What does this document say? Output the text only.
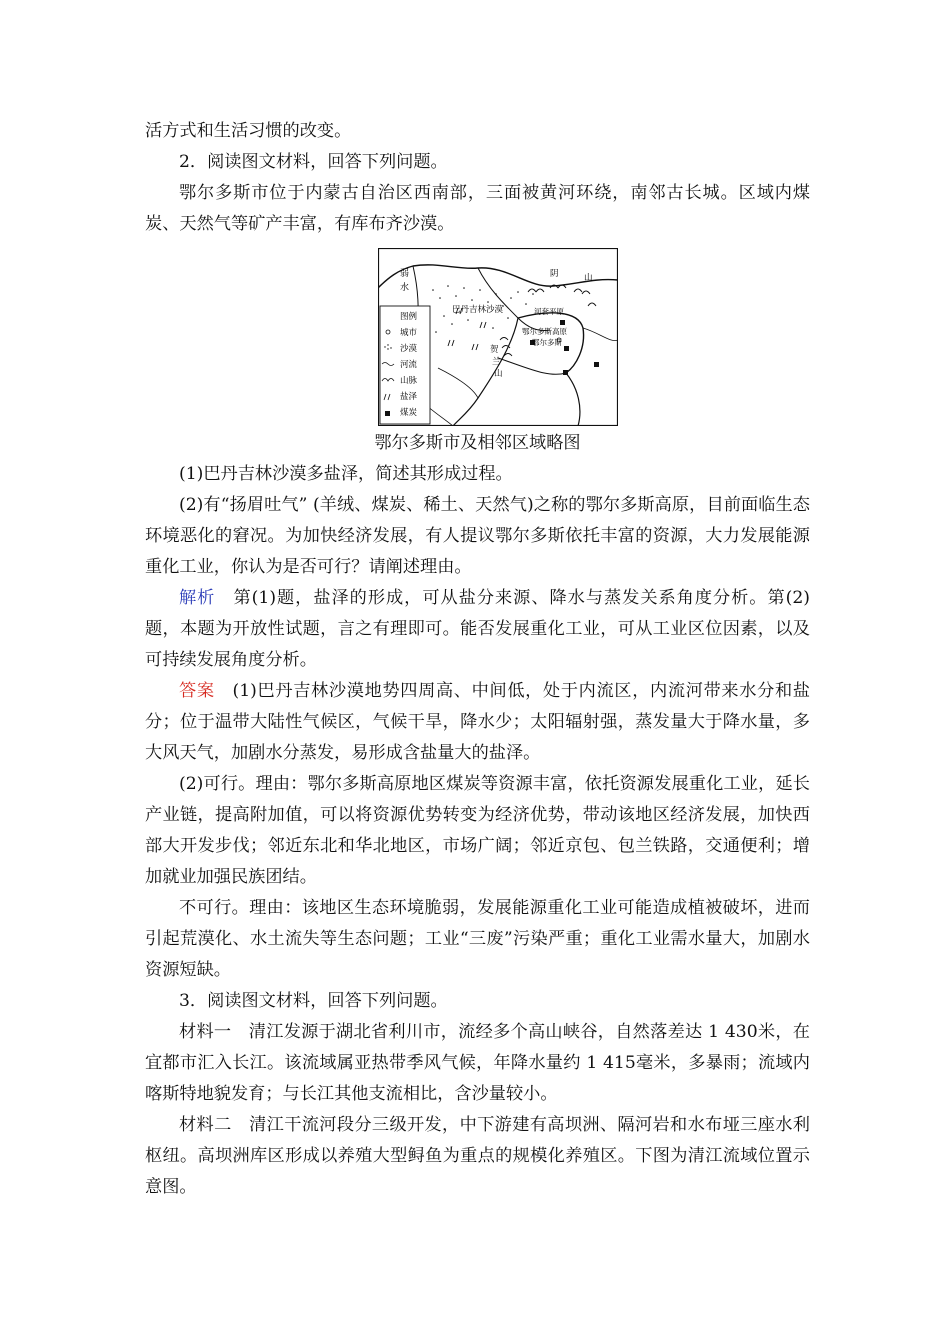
活方式和生活习惯的改变。

2．阅读图文材料，回答下列问题。

鄂尔多斯市位于内蒙古自治区西南部，三面被黄河环绕，南邻古长城。区域内煤炭、天然气等矿产丰富，有库布齐沙漠。

图例
城市
沙漠
河流
山脉
盐泽
煤炭
弱
水
巴丹吉林沙漠
阴	山
河套平原
鄂尔多斯高原
鄂尔多斯
贺
兰
山
鄂尔多斯市及相邻区域略图

(1)巴丹吉林沙漠多盐泽，简述其形成过程。

(2)有“扬眉吐气” (羊绒、煤炭、稀土、天然气)之称的鄂尔多斯高原，目前面临生态环境恶化的窘况。为加快经济发展，有人提议鄂尔多斯依托丰富的资源，大力发展能源重化工业，你认为是否可行？请阐述理由。

解析　第(1)题，盐泽的形成，可从盐分来源、降水与蒸发关系角度分析。第(2)题，本题为开放性试题，言之有理即可。能否发展重化工业，可从工业区位因素，以及可持续发展角度分析。

答案　(1)巴丹吉林沙漠地势四周高、中间低，处于内流区，内流河带来水分和盐分；位于温带大陆性气候区，气候干旱，降水少；太阳辐射强，蒸发量大于降水量，多大风天气，加剧水分蒸发，易形成含盐量大的盐泽。

(2)可行。理由：鄂尔多斯高原地区煤炭等资源丰富，依托资源发展重化工业，延长产业链，提高附加值，可以将资源优势转变为经济优势，带动该地区经济发展，加快西部大开发步伐；邻近东北和华北地区，市场广阔；邻近京包、包兰铁路，交通便利；增加就业加强民族团结。

不可行。理由：该地区生态环境脆弱，发展能源重化工业可能造成植被破坏，进而引起荒漠化、水土流失等生态问题；工业“三废”污染严重；重化工业需水量大，加剧水资源短缺。

3．阅读图文材料，回答下列问题。

材料一　清江发源于湖北省利川市，流经多个高山峡谷，自然落差达 1 430米，在宜都市汇入长江。该流域属亚热带季风气候，年降水量约 1 415毫米，多暴雨；流域内喀斯特地貌发育；与长江其他支流相比，含沙量较小。

材料二　清江干流河段分三级开发，中下游建有高坝洲、隔河岩和水布垭三座水利枢纽。高坝洲库区形成以养殖大型鲟鱼为重点的规模化养殖区。下图为清江流域位置示意图。
